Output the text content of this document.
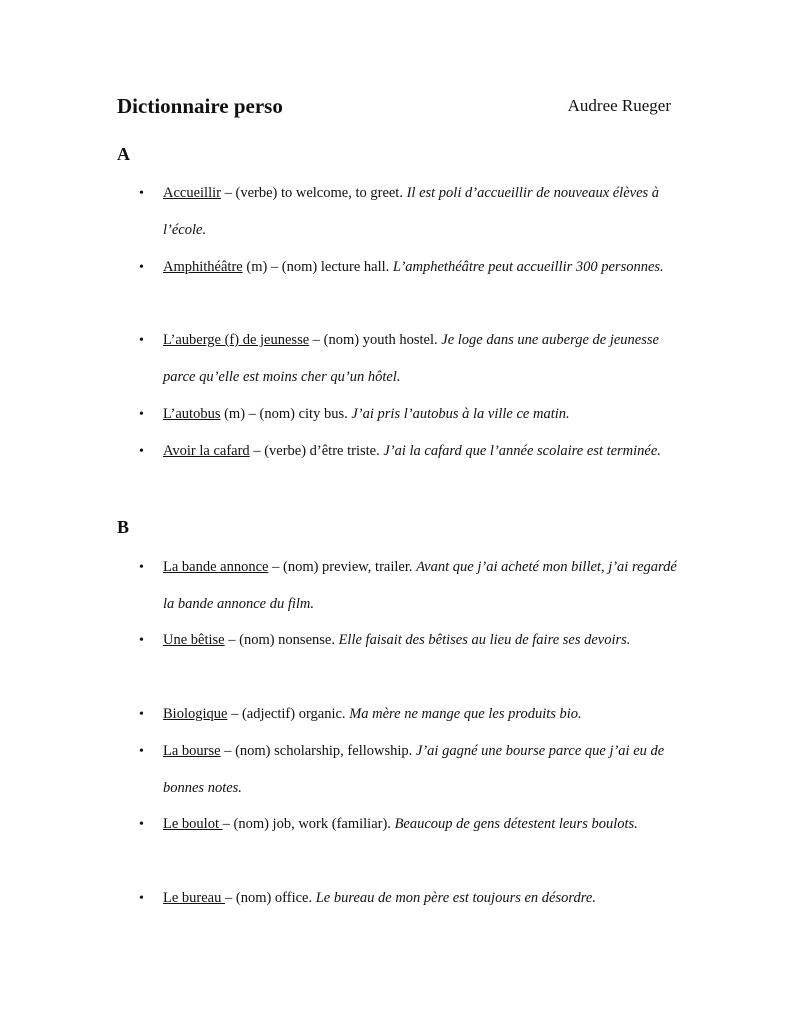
Dictionnaire perso	Audree Rueger
A
• Accueillir – (verbe) to welcome, to greet. Il est poli d’accueillir de nouveaux élèves à l’école.
• Amphithéâtre (m) – (nom) lecture hall. L’amphethéâtre peut accueillir 300 personnes.
• L’auberge (f) de jeunesse – (nom) youth hostel. Je loge dans une auberge de jeunesse parce qu’elle est moins cher qu’un hôtel.
• L’autobus (m) – (nom) city bus. J’ai pris l’autobus à la ville ce matin.
• Avoir la cafard – (verbe) d’être triste. J’ai la cafard que l’année scolaire est terminée.
B
• La bande annonce – (nom) preview, trailer. Avant que j’ai acheté mon billet, j’ai regardé la bande annonce du film.
• Une bêtise – (nom) nonsense. Elle faisait des bêtises au lieu de faire ses devoirs.
• Biologique – (adjectif) organic. Ma mère ne mange que les produits bio.
• La bourse – (nom) scholarship, fellowship. J’ai gagné une bourse parce que j’ai eu de bonnes notes.
• Le boulot – (nom) job, work (familiar). Beaucoup de gens détestent leurs boulots.
• Le bureau – (nom) office. Le bureau de mon père est toujours en désordre.
